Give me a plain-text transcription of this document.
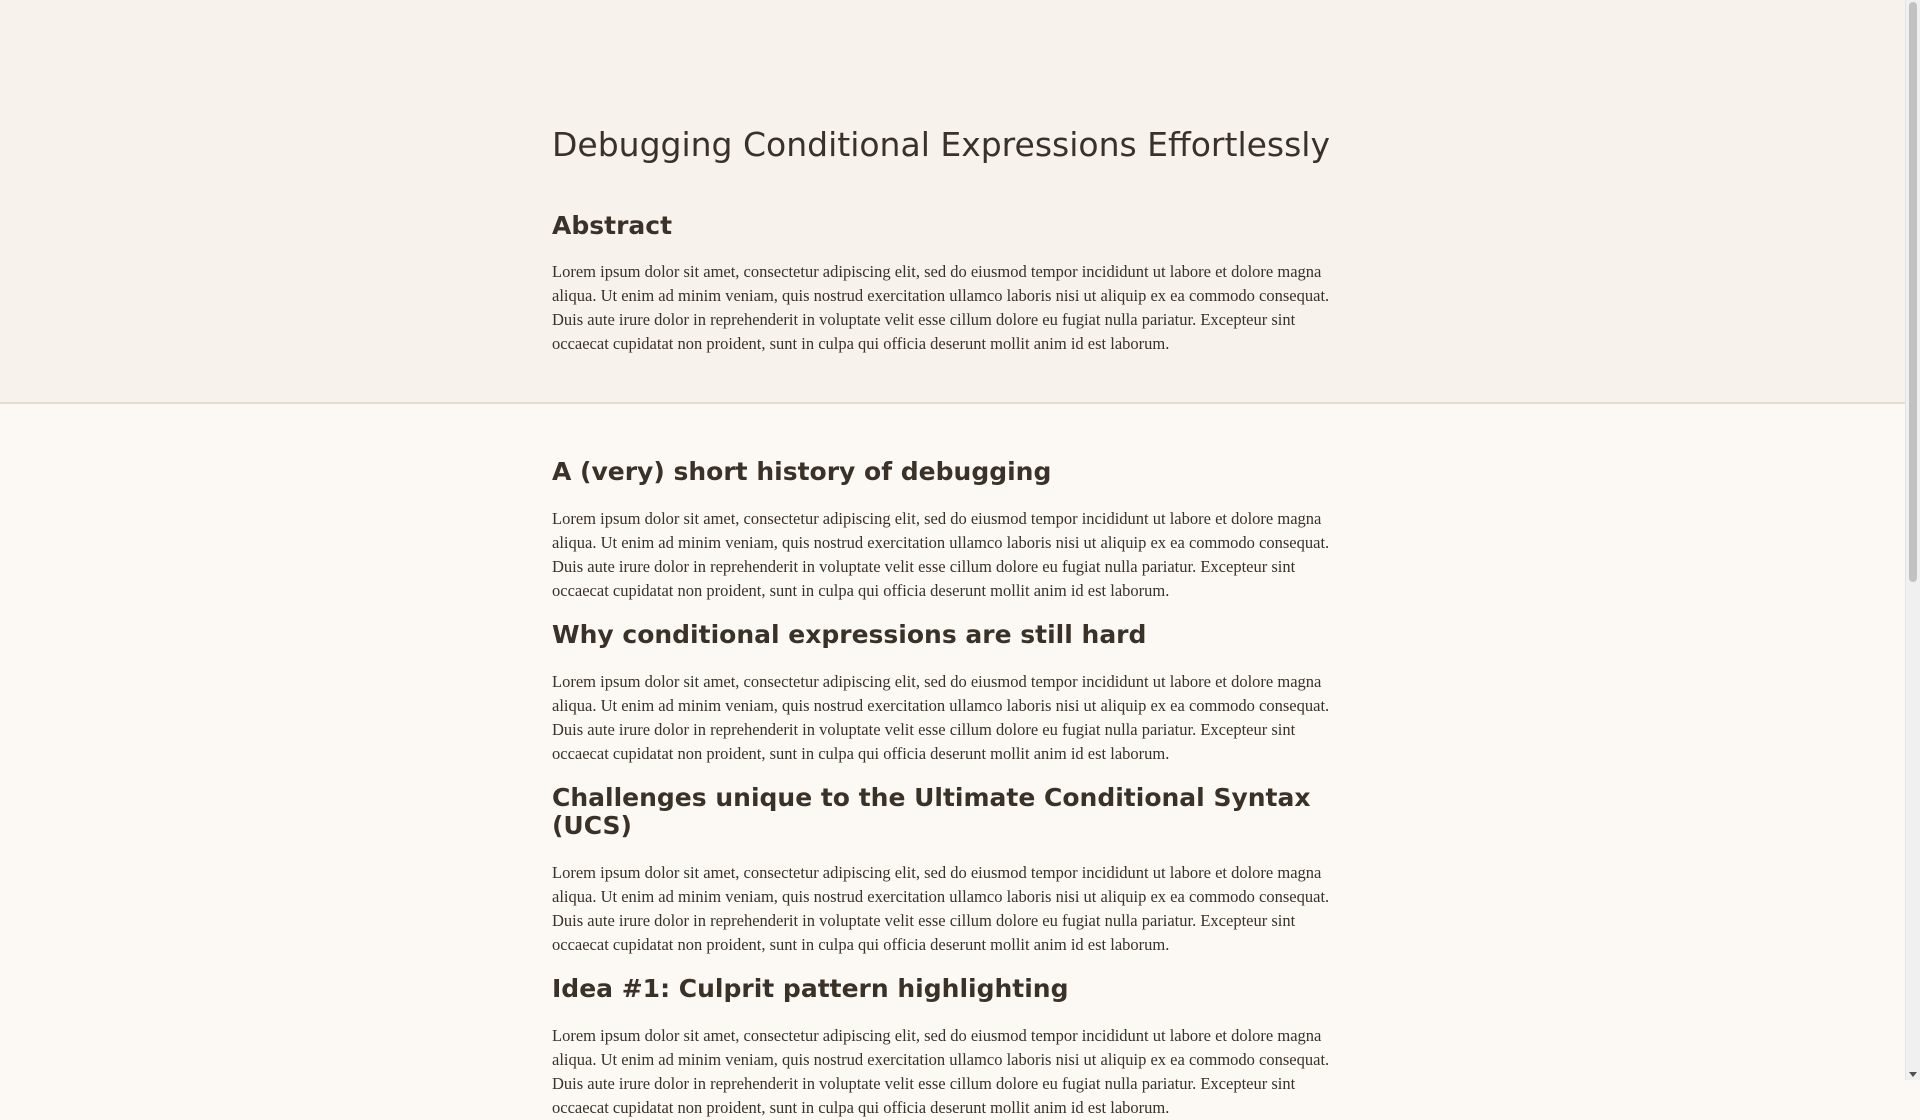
Debugging Conditional Expressions Effortlessly
Abstract

Lorem ipsum dolor sit amet, consectetur adipiscing elit, sed do eiusmod tempor incididunt ut labore et dolore magna aliqua. Ut enim ad minim veniam, quis nostrud exercitation ullamco laboris nisi ut aliquip ex ea commodo consequat. Duis aute irure dolor in reprehenderit in voluptate velit esse cillum dolore eu fugiat nulla pariatur. Excepteur sint occaecat cupidatat non proident, sunt in culpa qui officia deserunt mollit anim id est laborum.

A (very) short history of debugging

Lorem ipsum dolor sit amet, consectetur adipiscing elit, sed do eiusmod tempor incididunt ut labore et dolore magna aliqua. Ut enim ad minim veniam, quis nostrud exercitation ullamco laboris nisi ut aliquip ex ea commodo consequat. Duis aute irure dolor in reprehenderit in voluptate velit esse cillum dolore eu fugiat nulla pariatur. Excepteur sint occaecat cupidatat non proident, sunt in culpa qui officia deserunt mollit anim id est laborum.

Why conditional expressions are still hard

Lorem ipsum dolor sit amet, consectetur adipiscing elit, sed do eiusmod tempor incididunt ut labore et dolore magna aliqua. Ut enim ad minim veniam, quis nostrud exercitation ullamco laboris nisi ut aliquip ex ea commodo consequat. Duis aute irure dolor in reprehenderit in voluptate velit esse cillum dolore eu fugiat nulla pariatur. Excepteur sint occaecat cupidatat non proident, sunt in culpa qui officia deserunt mollit anim id est laborum.

Challenges unique to the Ultimate Conditional Syntax (UCS)

Lorem ipsum dolor sit amet, consectetur adipiscing elit, sed do eiusmod tempor incididunt ut labore et dolore magna aliqua. Ut enim ad minim veniam, quis nostrud exercitation ullamco laboris nisi ut aliquip ex ea commodo consequat. Duis aute irure dolor in reprehenderit in voluptate velit esse cillum dolore eu fugiat nulla pariatur. Excepteur sint occaecat cupidatat non proident, sunt in culpa qui officia deserunt mollit anim id est laborum.

Idea #1: Culprit pattern highlighting

Lorem ipsum dolor sit amet, consectetur adipiscing elit, sed do eiusmod tempor incididunt ut labore et dolore magna aliqua. Ut enim ad minim veniam, quis nostrud exercitation ullamco laboris nisi ut aliquip ex ea commodo consequat. Duis aute irure dolor in reprehenderit in voluptate velit esse cillum dolore eu fugiat nulla pariatur. Excepteur sint occaecat cupidatat non proident, sunt in culpa qui officia deserunt mollit anim id est laborum.
